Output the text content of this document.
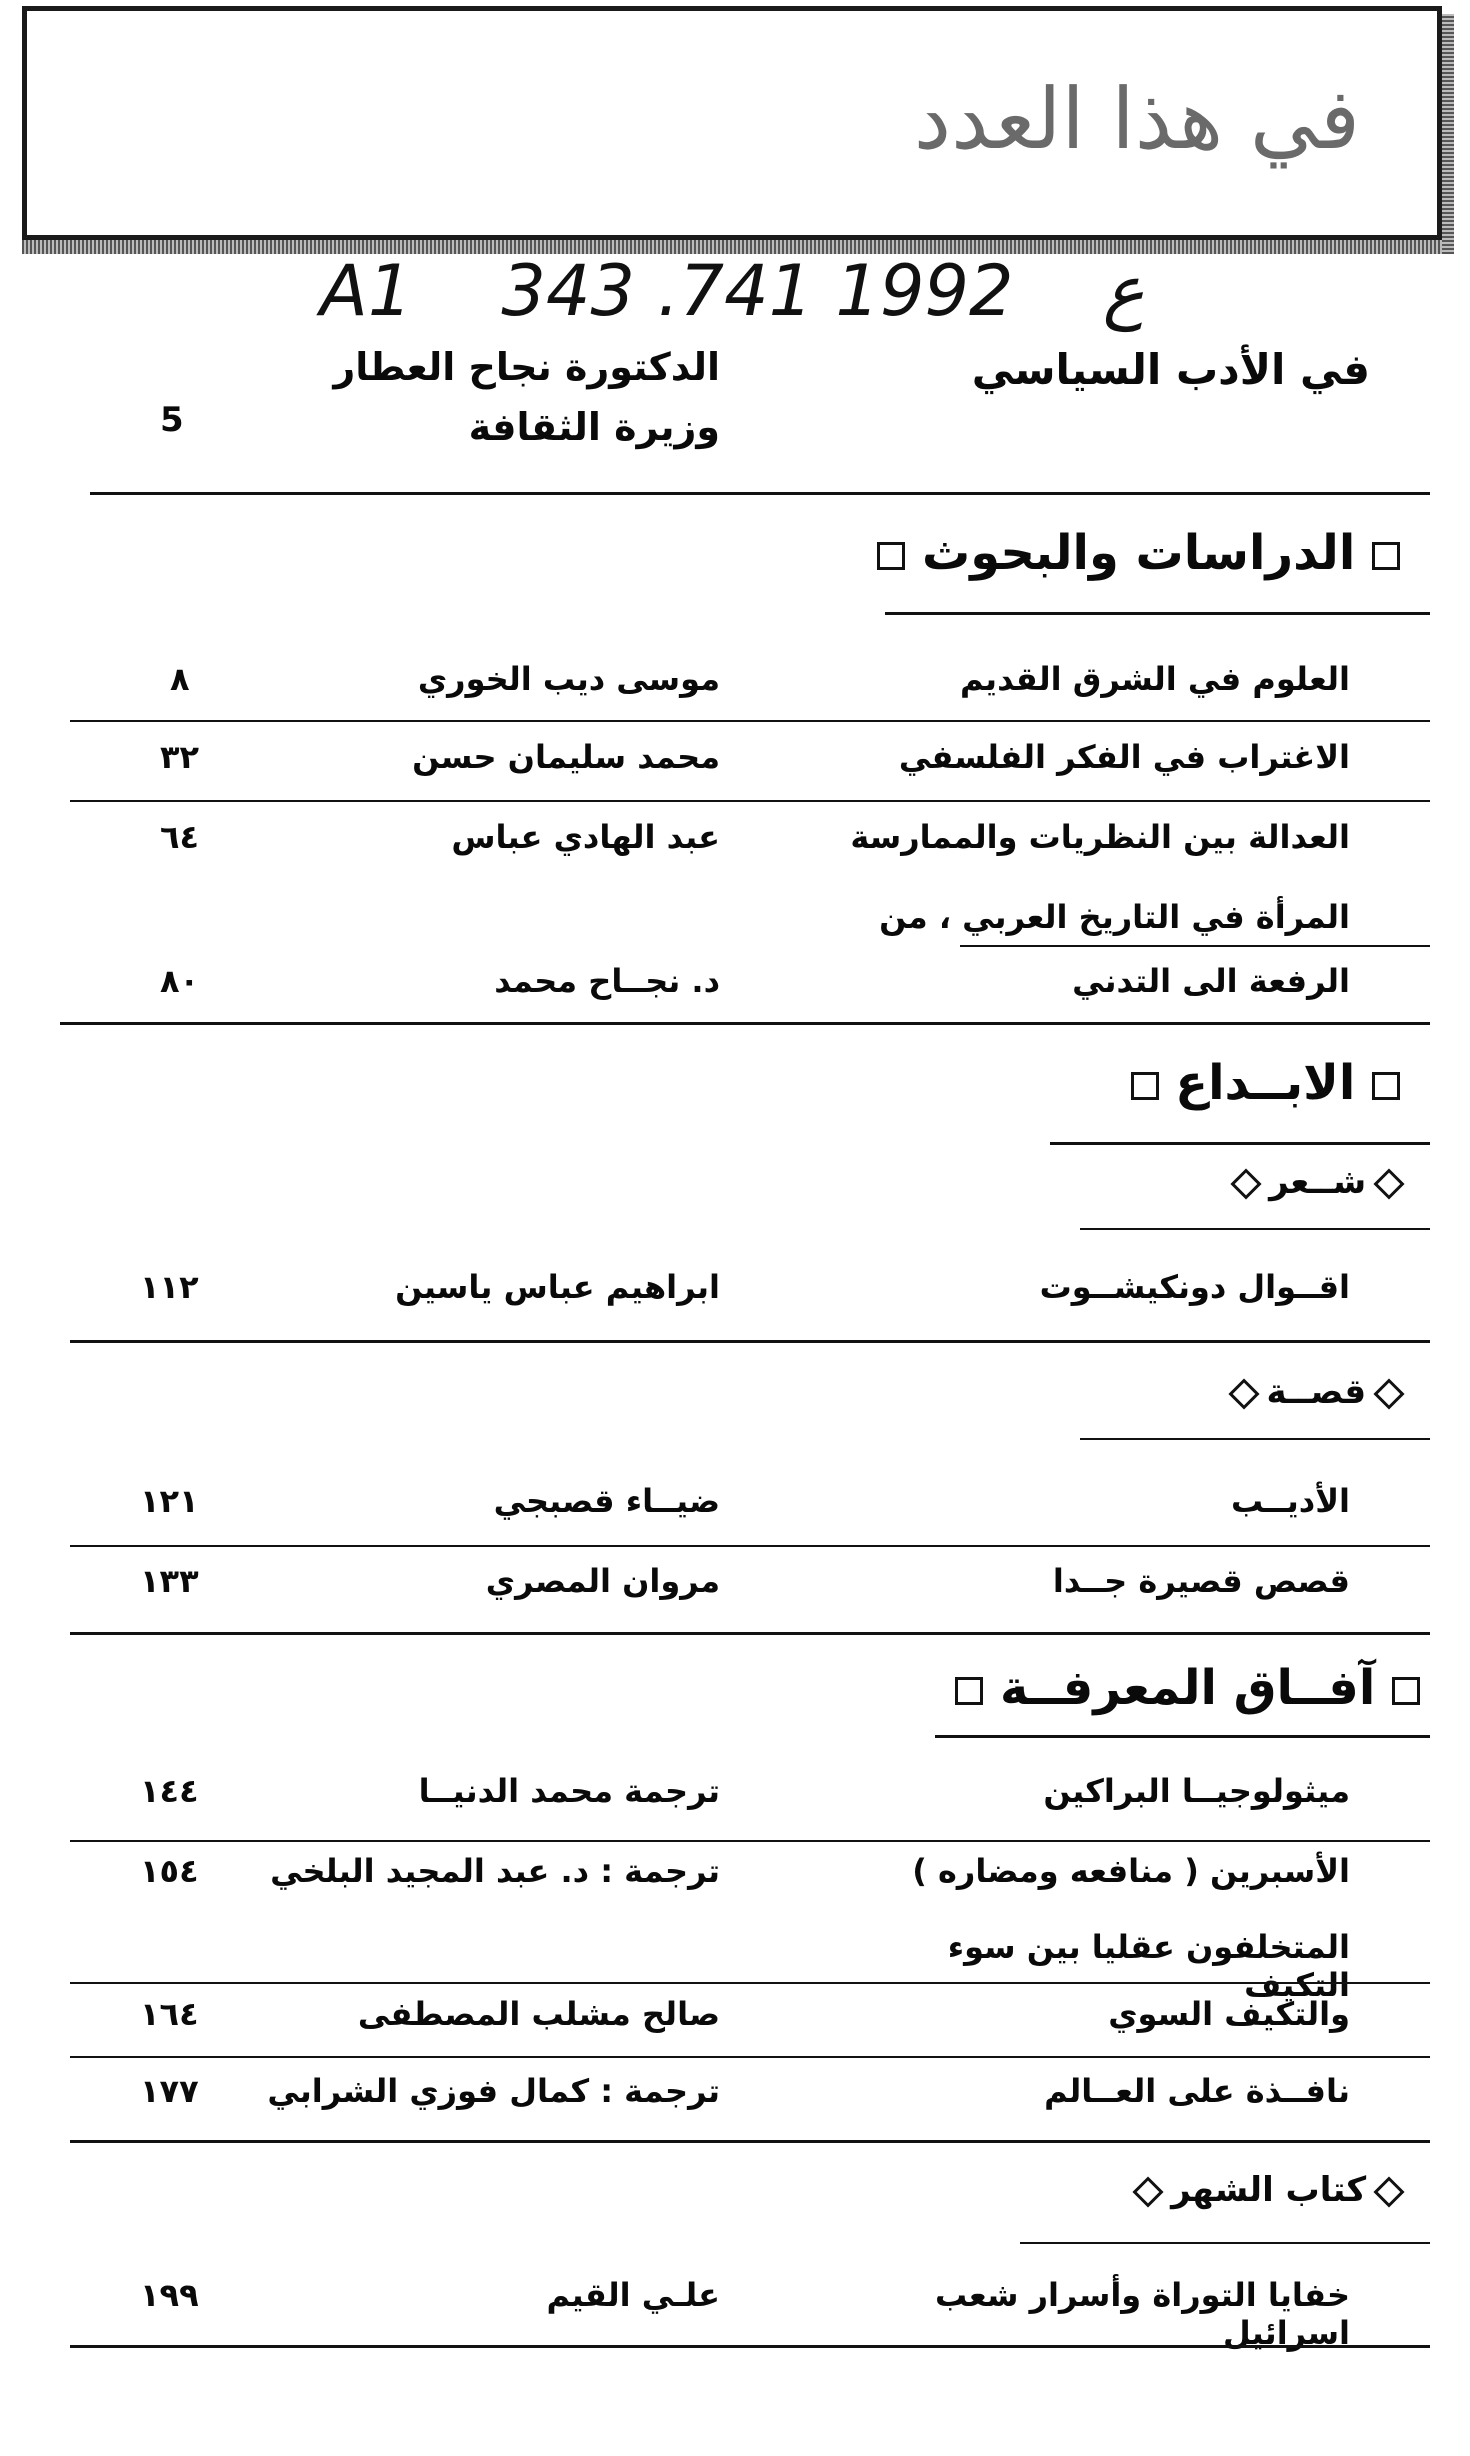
في هذا العدد
A1    343 .ع    1992 741
في الأدب السياسي
الدكتورة نجاح العطار
وزيرة الثقافة
5
الدراسات والبحوث
العلوم في الشرق القديم
موسى ديب الخوري
٨
الاغتراب في الفكر الفلسفي
محمد سليمان حسن
٣٢
العدالة بين النظريات والممارسة
عبد الهادي عباس
٦٤
المرأة في التاريخ العربي ، من
الرفعة الى التدني
د. نجــاح محمد
٨٠
الابــداع
شــعر
اقــوال دونكيشــوت
ابراهيم عباس ياسين
١١٢
قصــة
الأديــب
ضيــاء قصبجي
١٢١
قصص قصيرة جــدا
مروان المصري
١٣٣
آفــاق المعرفــة
ميثولوجيــا البراكين
ترجمة محمد الدنيــا
١٤٤
الأسبرين ( منافعه ومضاره )
ترجمة : د. عبد المجيد البلخي
١٥٤
المتخلفون عقليا بين سوء التكيف
والتكيف السوي
صالح مشلب المصطفى
١٦٤
نافــذة على العــالم
ترجمة : كمال فوزي الشرابي
١٧٧
كتاب الشهر
خفايا التوراة وأسرار شعب اسرائيل
علـي القيم
١٩٩
